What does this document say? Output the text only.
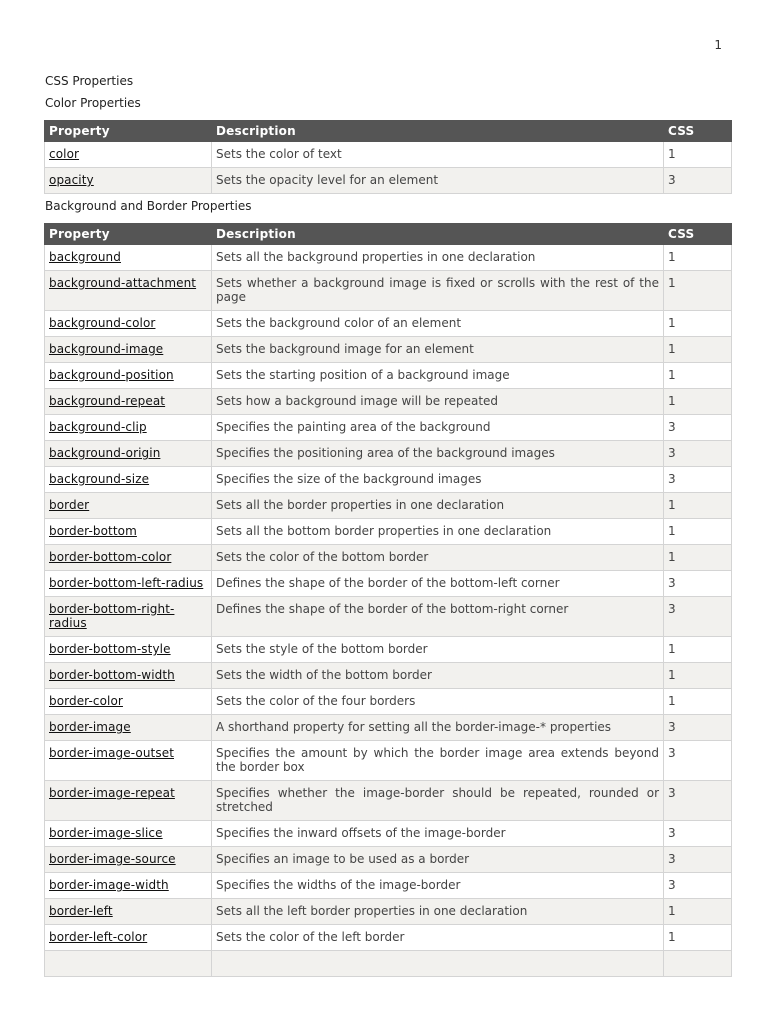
1
CSS Properties
Color Properties
Property	Description	CSS
color	Sets the color of text	1
opacity	Sets the opacity level for an element	3
Background and Border Properties
Property	Description	CSS
background	Sets all the background properties in one declaration	1
background-attachment	Sets whether a background image is fixed or scrolls with the rest of the page	1
background-color	Sets the background color of an element	1
background-image	Sets the background image for an element	1
background-position	Sets the starting position of a background image	1
background-repeat	Sets how a background image will be repeated	1
background-clip	Specifies the painting area of the background	3
background-origin	Specifies the positioning area of the background images	3
background-size	Specifies the size of the background images	3
border	Sets all the border properties in one declaration	1
border-bottom	Sets all the bottom border properties in one declaration	1
border-bottom-color	Sets the color of the bottom border	1
border-bottom-left-radius	Defines the shape of the border of the bottom-left corner	3
border-bottom-right-radius	Defines the shape of the border of the bottom-right corner	3
border-bottom-style	Sets the style of the bottom border	1
border-bottom-width	Sets the width of the bottom border	1
border-color	Sets the color of the four borders	1
border-image	A shorthand property for setting all the border-image-* properties	3
border-image-outset	Specifies the amount by which the border image area extends beyond the border box	3
border-image-repeat	Specifies whether the image-border should be repeated, rounded or stretched	3
border-image-slice	Specifies the inward offsets of the image-border	3
border-image-source	Specifies an image to be used as a border	3
border-image-width	Specifies the widths of the image-border	3
border-left	Sets all the left border properties in one declaration	1
border-left-color	Sets the color of the left border	1
